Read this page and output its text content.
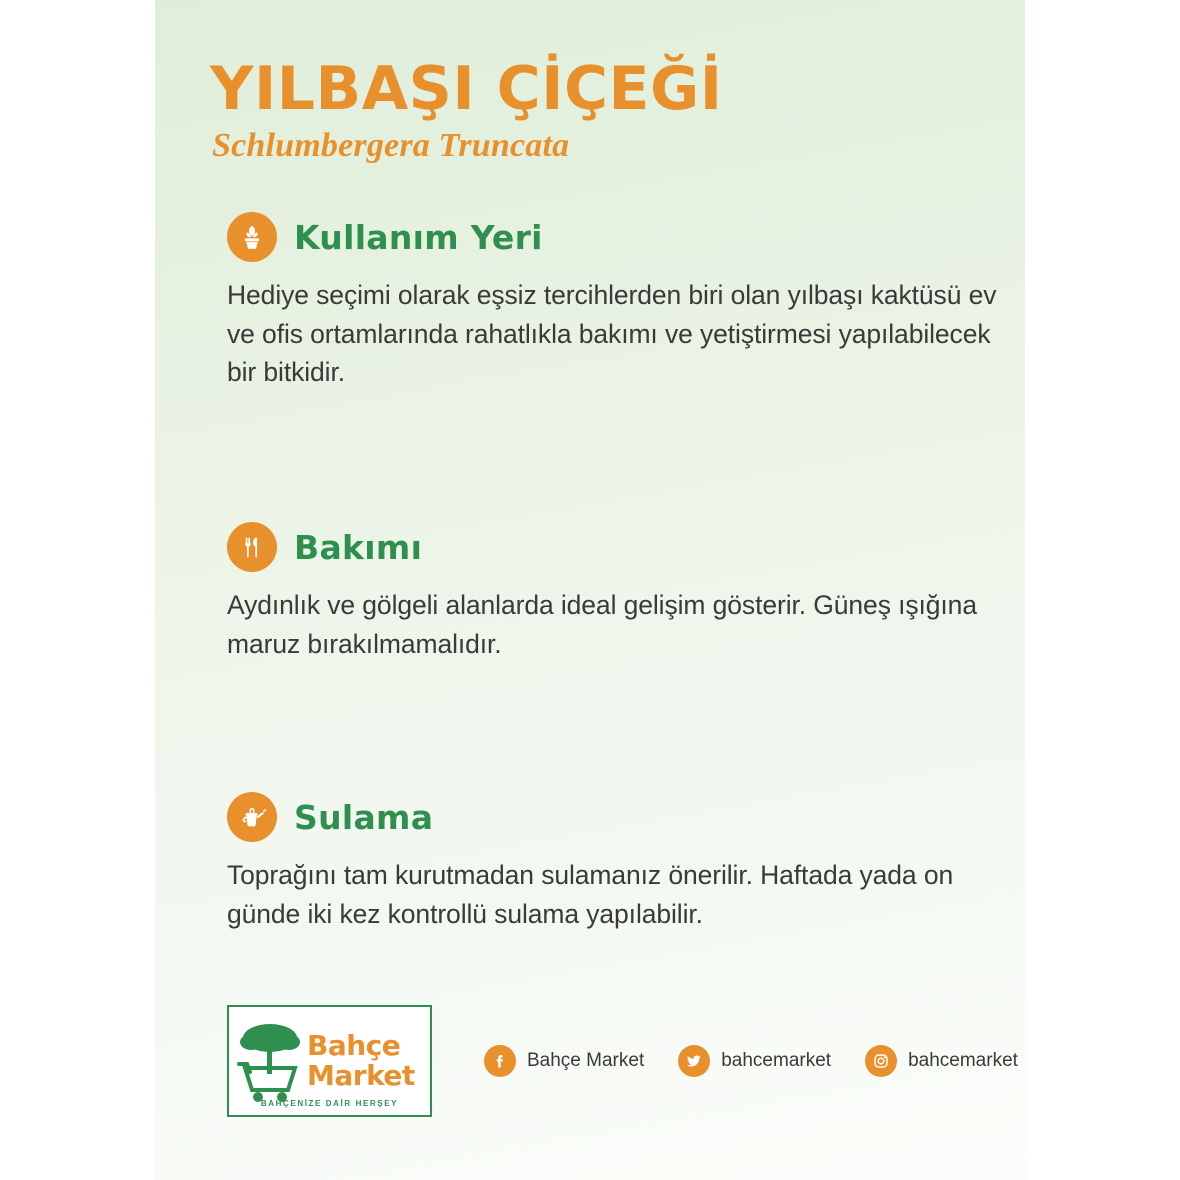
YILBAŞI ÇİÇEĞİ
Schlumbergera Truncata
Kullanım Yeri
Hediye seçimi olarak eşsiz tercihlerden biri olan yılbaşı kaktüsü ev ve ofis ortamlarında rahatlıkla bakımı ve yetiştirmesi yapılabilecek bir bitkidir.
Bakımı
Aydınlık ve gölgeli alanlarda ideal gelişim gösterir. Güneş ışığına maruz bırakılmamalıdır.
Sulama
Toprağını tam kurutmadan sulamanız önerilir. Haftada yada on günde iki kez kontrollü sulama yapılabilir.
Bahçe
Market
BAHÇENİZE DAİR HERŞEY
Bahçe Market	bahcemarket	bahcemarket
